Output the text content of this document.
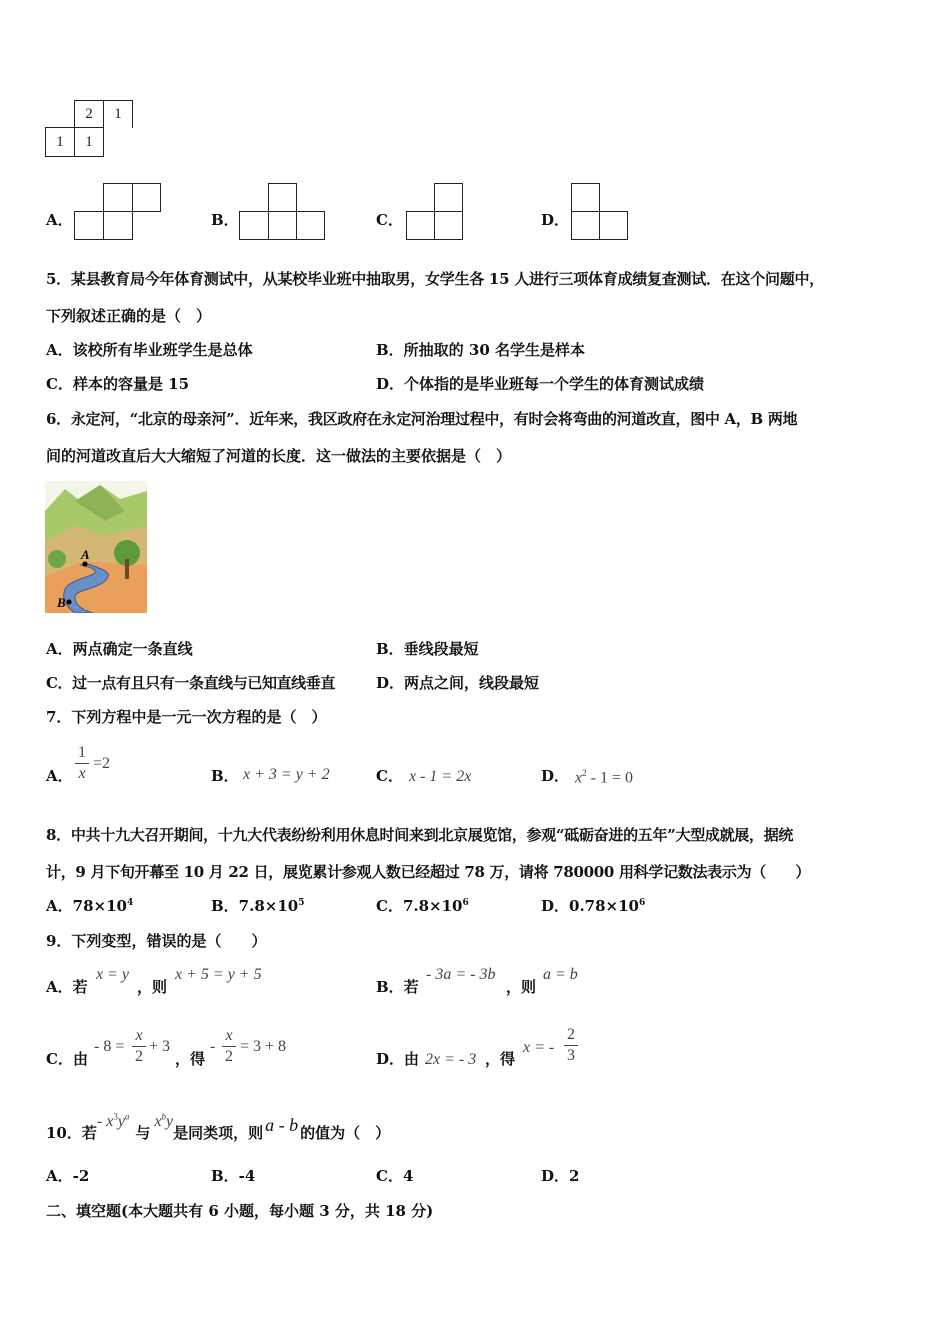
2	1
1	1
A．	B．	C．	D．
5．某县教育局今年体育测试中，从某校毕业班中抽取男，女学生各 15 人进行三项体育成绩复查测试．在这个问题中，
下列叙述正确的是（　）
A．该校所有毕业班学生是总体	B．所抽取的 30 名学生是样本
C．样本的容量是 15	D．个体指的是毕业班每一个学生的体育测试成绩
6．永定河，“北京的母亲河”．近年来，我区政府在永定河治理过程中，有时会将弯曲的河道改直，图中 A，B 两地
间的河道改直后大大缩短了河道的长度．这一做法的主要依据是（　）
A
B
A．两点确定一条直线	B．垂线段最短
C．过一点有且只有一条直线与已知直线垂直	D．两点之间，线段最短
7．下列方程中是一元一次方程的是（　）
A．
1
x
=2
B． x + 3 = y + 2	C． x - 1 = 2x	D． $x^2 - 1 = 0$
8．中共十九大召开期间，十九大代表纷纷利用休息时间来到北京展览馆，参观“砥砺奋进的五年”大型成就展，据统
计，9 月下旬开幕至 10 月 22 日，展览累计参观人数已经超过 78 万，请将 780000 用科学记数法表示为（　　）
A．$78\times 10^4$	B．$7.8\times 10^5$	C．$7.8\times 10^6$	D．$0.78\times 10^6$
9．下列变型，错误的是（　　）
A．若
x = y
，则
x + 5 = y + 5
B．若
- 3a = - 3b
，则
a = b
C．由
- 8 =
x
2
+ 3
，得
-
x
2
= 3 + 8
D．由 2x = - 3 ，得
x = -
2
3
10．若- $x^3y^a$与$x^by$是同类项，则 a - b 的值为（　）
A．-2	B．-4	C．4	D．2
二、填空题(本大题共有 6 小题，每小题 3 分，共 18 分)
